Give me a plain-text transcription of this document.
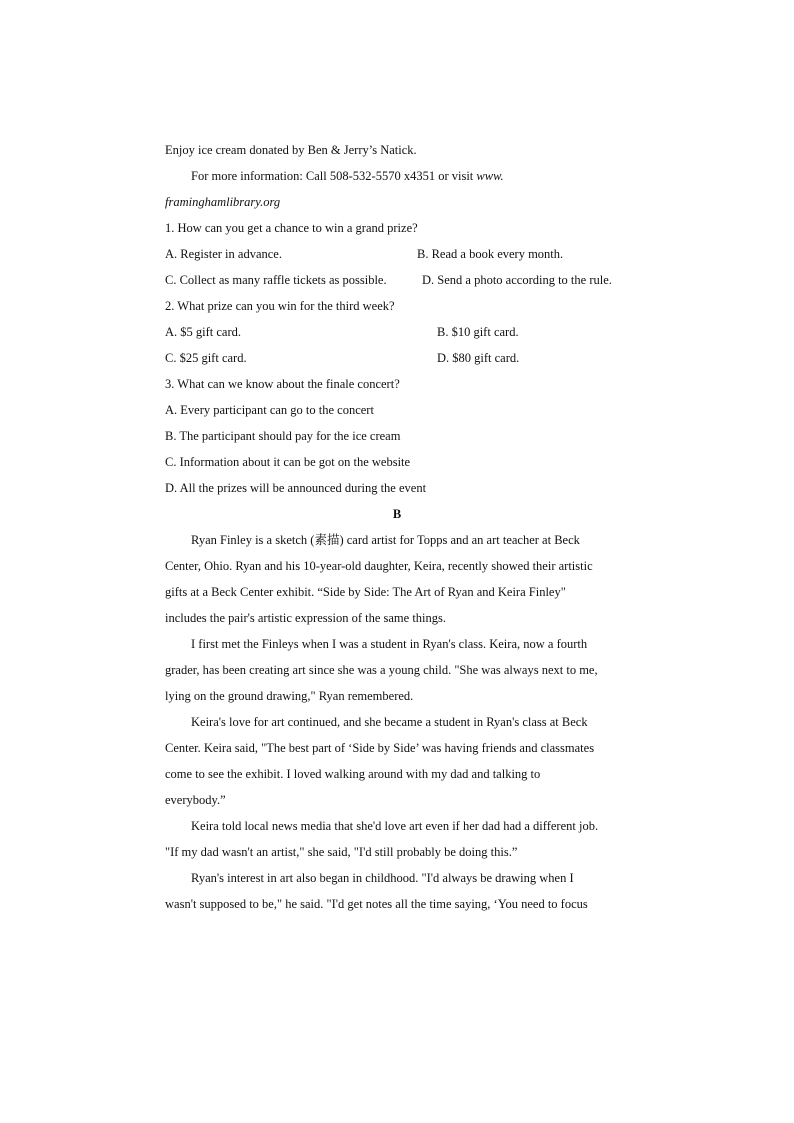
Enjoy ice cream donated by Ben & Jerry’s Natick.
For more information: Call 508-532-5570 x4351 or visit www.
framinghamlibrary.org
1. How can you get a chance to win a grand prize?
A. Register in advance.	B. Read a book every month.
C. Collect as many raffle tickets as possible.	D. Send a photo according to the rule.
2. What prize can you win for the third week?
A. $5 gift card.	B. $10 gift card.
C. $25 gift card.	D. $80 gift card.
3. What can we know about the finale concert?
A. Every participant can go to the concert
B. The participant should pay for the ice cream
C. Information about it can be got on the website
D. All the prizes will be announced during the event
B
Ryan Finley is a sketch (素描) card artist for Topps and an art teacher at Beck
Center, Ohio. Ryan and his 10-year-old daughter, Keira, recently showed their artistic
gifts at a Beck Center exhibit. “Side by Side: The Art of Ryan and Keira Finley"
includes the pair's artistic expression of the same things.
I first met the Finleys when I was a student in Ryan's class. Keira, now a fourth
grader, has been creating art since she was a young child. "She was always next to me,
lying on the ground drawing," Ryan remembered.
Keira's love for art continued, and she became a student in Ryan's class at Beck
Center. Keira said, "The best part of ‘Side by Side’ was having friends and classmates
come to see the exhibit. I loved walking around with my dad and talking to
everybody.”
Keira told local news media that she'd love art even if her dad had a different job.
"If my dad wasn't an artist," she said, "I'd still probably be doing this.”
Ryan's interest in art also began in childhood. "I'd always be drawing when I
wasn't supposed to be," he said. "I'd get notes all the time saying, ‘You need to focus
